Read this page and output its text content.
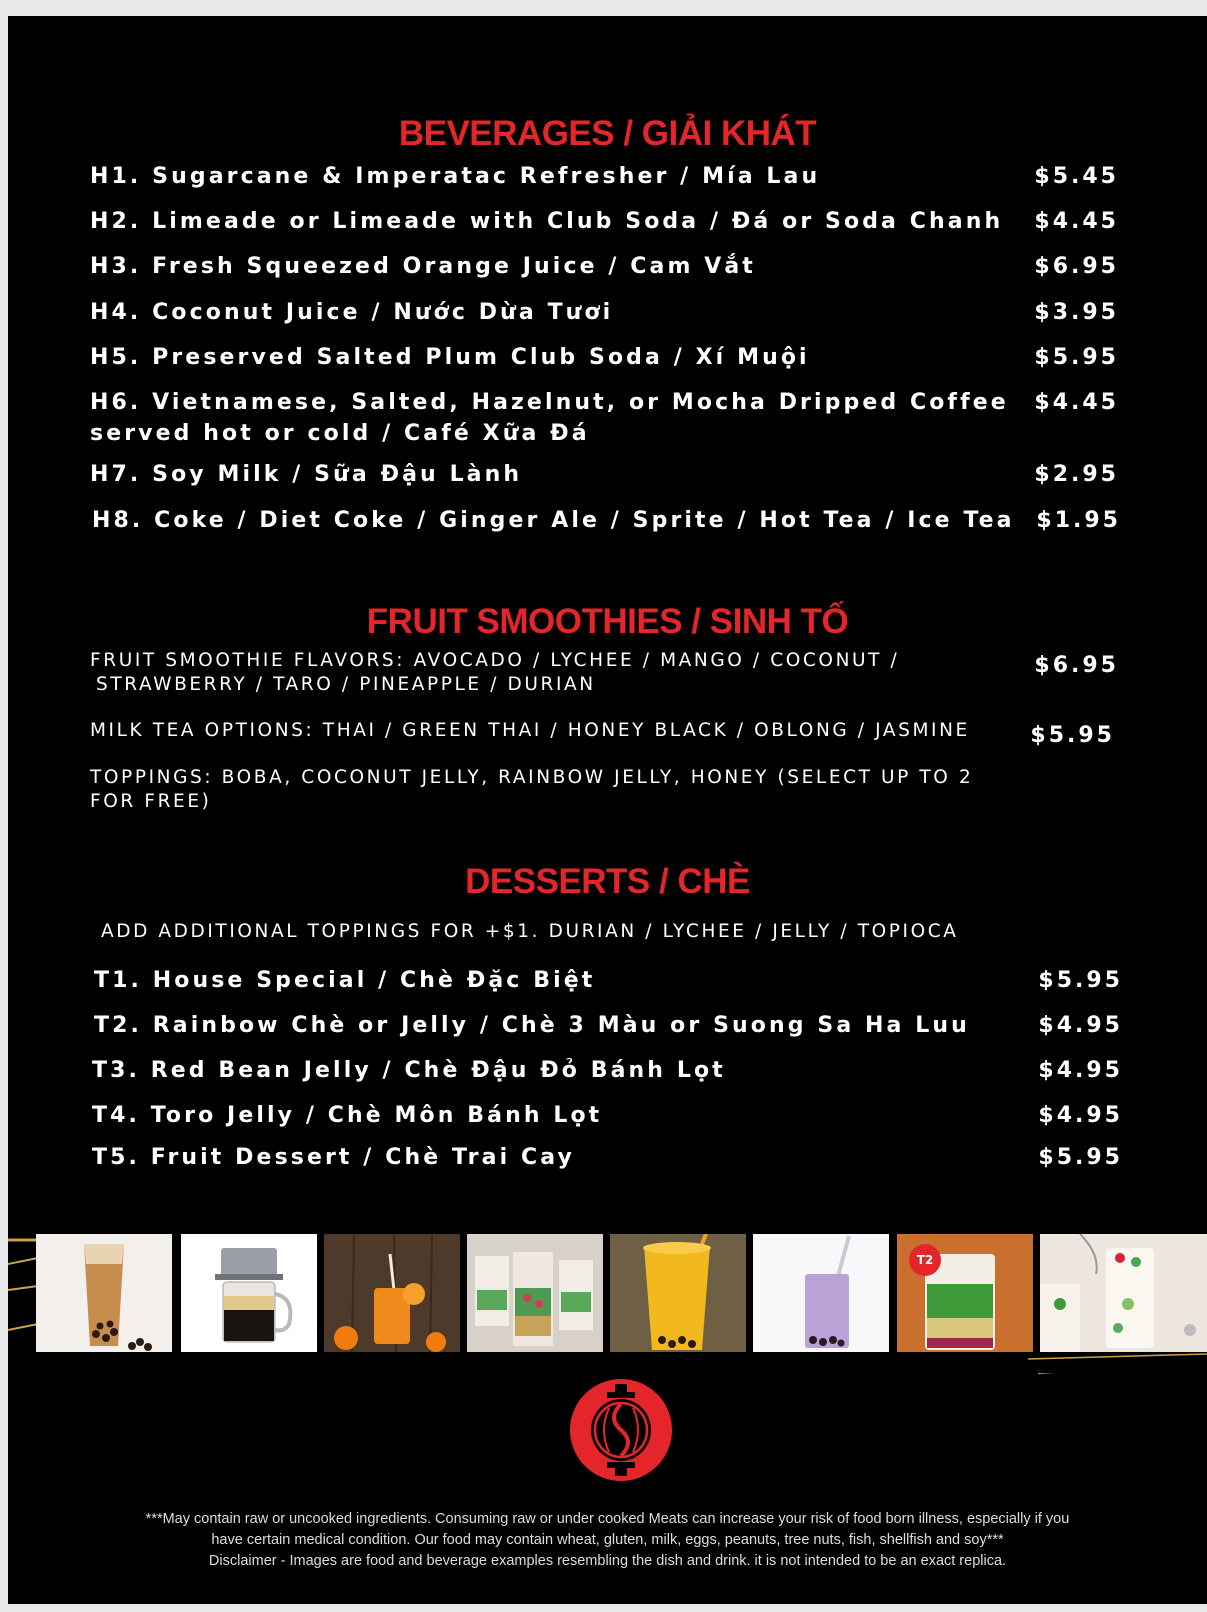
BEVERAGES / GIẢI KHÁT
H1. Sugarcane & Imperatac Refresher / Mía Lau	$5.45
H2. Limeade or Limeade with Club Soda / Đá or Soda Chanh $4.45
H3. Fresh Squeezed Orange Juice / Cam Vắt	$6.95
H4. Coconut Juice / Nước Dừa Tươi	$3.95
H5. Preserved Salted Plum Club Soda / Xí Muội	$5.95
H6. Vietnamese, Salted, Hazelnut, or Mocha Dripped Coffee
served hot or cold / Café Xữa Đá
$4.45
H7. Soy Milk / Sữa Đậu Lành	$2.95
H8. Coke / Diet Coke / Ginger Ale / Sprite / Hot Tea / Ice Tea $1.95
FRUIT SMOOTHIES / SINH TỐ
FRUIT SMOOTHIE FLAVORS: AVOCADO / LYCHEE / MANGO / COCONUT /
STRAWBERRY / TARO / PINEAPPLE / DURIAN
$6.95
MILK TEA OPTIONS: THAI / GREEN THAI / HONEY BLACK / OBLONG / JASMINE	$5.95
TOPPINGS: BOBA, COCONUT JELLY, RAINBOW JELLY, HONEY (SELECT UP TO 2
FOR FREE)
DESSERTS / CHÈ
ADD ADDITIONAL TOPPINGS FOR +$1. DURIAN / LYCHEE / JELLY / TOPIOCA
T1. House Special / Chè Đặc Biệt	$5.95
T2. Rainbow Chè or Jelly / Chè 3 Màu or Suong Sa Ha Luu	$4.95
T3. Red Bean Jelly / Chè Đậu Đỏ Bánh Lọt	$4.95
T4. Toro Jelly / Chè Môn Bánh Lọt	$4.95
T5. Fruit Dessert / Chè Trai Cay	$5.95
T2
***May contain raw or uncooked ingredients. Consuming raw or under cooked Meats can increase your risk of food born illness, especially if you
have certain medical condition. Our food may contain wheat, gluten, milk, eggs, peanuts, tree nuts, fish, shellfish and soy***
Disclaimer - Images are food and beverage examples resembling the dish and drink. it is not intended to be an exact replica.
